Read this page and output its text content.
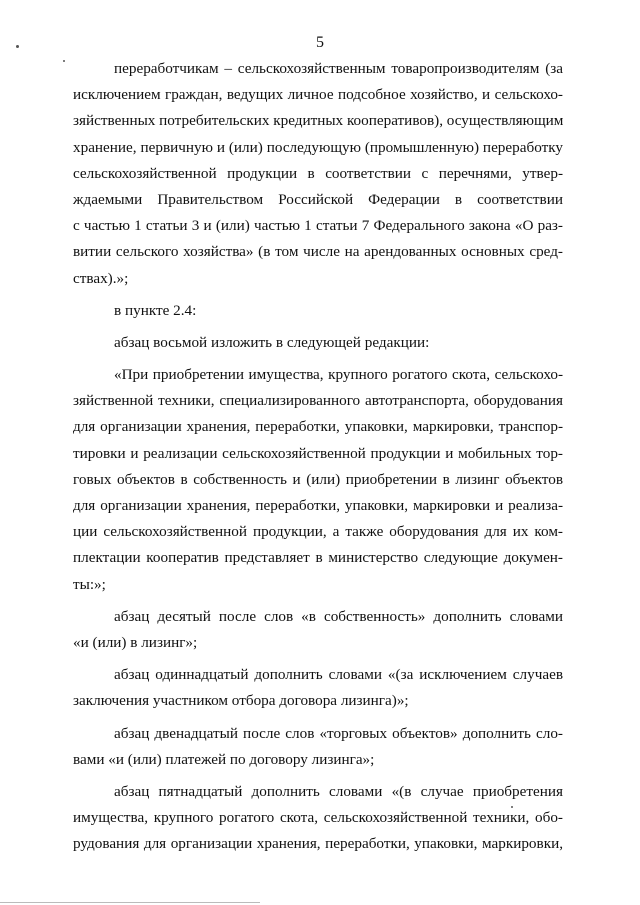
5
переработчикам – сельскохозяйственным товаропроизводителям (за
исключением граждан, ведущих личное подсобное хозяйство, и сельскохо-
зяйственных потребительских кредитных кооперативов), осуществляющим
хранение, первичную и (или) последующую (промышленную) переработку
сельскохозяйственной продукции в соответствии с перечнями, утвер-
ждаемыми Правительством Российской Федерации в соответствии
с частью 1 статьи 3 и (или) частью 1 статьи 7 Федерального закона «О раз-
витии сельского хозяйства» (в том числе на арендованных основных сред-
ствах).»;
в пункте 2.4:
абзац восьмой изложить в следующей редакции:
«При приобретении имущества, крупного рогатого скота, сельскохо-
зяйственной техники, специализированного автотранспорта, оборудования
для организации хранения, переработки, упаковки, маркировки, транспор-
тировки и реализации сельскохозяйственной продукции и мобильных тор-
говых объектов в собственность и (или) приобретении в лизинг объектов
для организации хранения, переработки, упаковки, маркировки и реализа-
ции сельскохозяйственной продукции, а также оборудования для их ком-
плектации кооператив представляет в министерство следующие докумен-
ты:»;
абзац десятый после слов «в собственность» дополнить словами
«и (или) в лизинг»;
абзац одиннадцатый дополнить словами «(за исключением случаев
заключения участником отбора договора лизинга)»;
абзац двенадцатый после слов «торговых объектов» дополнить сло-
вами «и (или) платежей по договору лизинга»;
абзац пятнадцатый дополнить словами «(в случае приобретения
имущества, крупного рогатого скота, сельскохозяйственной техники, обо-
рудования для организации хранения, переработки, упаковки, маркировки,
